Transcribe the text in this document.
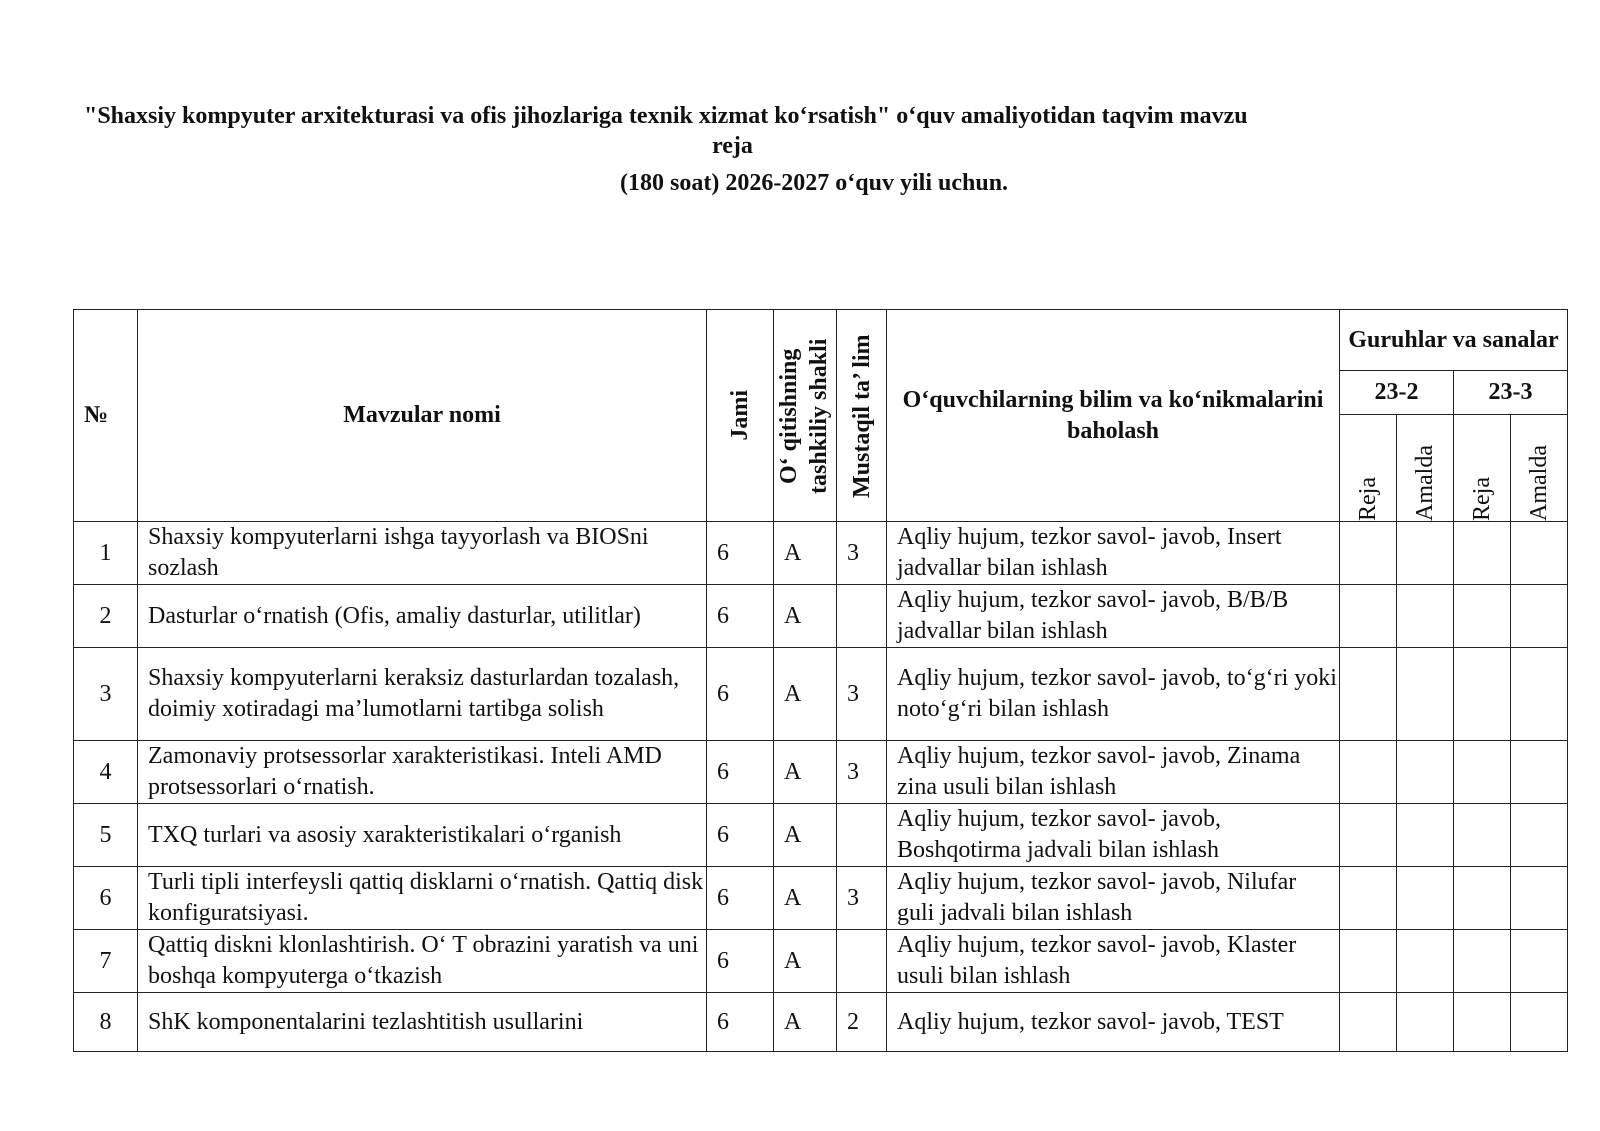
"Shaxsiy kompyuter arxitekturasi va ofis jihozlariga texnik xizmat koʻrsatish" oʻquv amaliyotidan taqvim mavzu
reja
(180 soat) 2026-2027 oʻquv yili uchun.
№	Mavzular nomi	Jami	Oʻ qitishning tashkiliy shakli	Mustaqil ta’ lim	Oʻquvchilarning bilim va koʻnikmalarini baholash	Guruhlar va sanalar			
						23-2		23-3	

						Reja	Amalda	Reja	Amalda

1	Shaxsiy kompyuterlarni ishga tayyorlash va BIOSni sozlash	6	A	3	Aqliy hujum, tezkor savol- javob, Insert jadvallar bilan ishlash				
2	Dasturlar oʻrnatish (Ofis, amaliy dasturlar, utilitlar)	6	A		Aqliy hujum, tezkor savol- javob, B/B/B jadvallar bilan ishlash				
3	Shaxsiy kompyuterlarni keraksiz dasturlardan tozalash, doimiy xotiradagi ma’lumotlarni tartibga solish	6	A	3	Aqliy hujum, tezkor savol- javob, toʻgʻri yoki notoʻgʻri bilan ishlash				
4	Zamonaviy protsessorlar xarakteristikasi. Inteli AMD protsessorlari oʻrnatish.	6	A	3	Aqliy hujum, tezkor savol- javob, Zinama zina usuli bilan ishlash				
5	TXQ turlari va asosiy xarakteristikalari oʻrganish	6	A		Aqliy hujum, tezkor savol- javob, Boshqotirma jadvali bilan ishlash				
6	Turli tipli interfeysli qattiq disklarni oʻrnatish. Qattiq disk konfiguratsiyasi.	6	A	3	Aqliy hujum, tezkor savol- javob, Nilufar guli jadvali bilan ishlash				
7	Qattiq diskni klonlashtirish. Oʻ T obrazini yaratish va uni boshqa kompyuterga oʻtkazish	6	A		Aqliy hujum, tezkor savol- javob, Klaster usuli bilan ishlash				
8	ShK komponentalarini tezlashtitish usullarini	6	A	2	Aqliy hujum, tezkor savol- javob, TEST				
